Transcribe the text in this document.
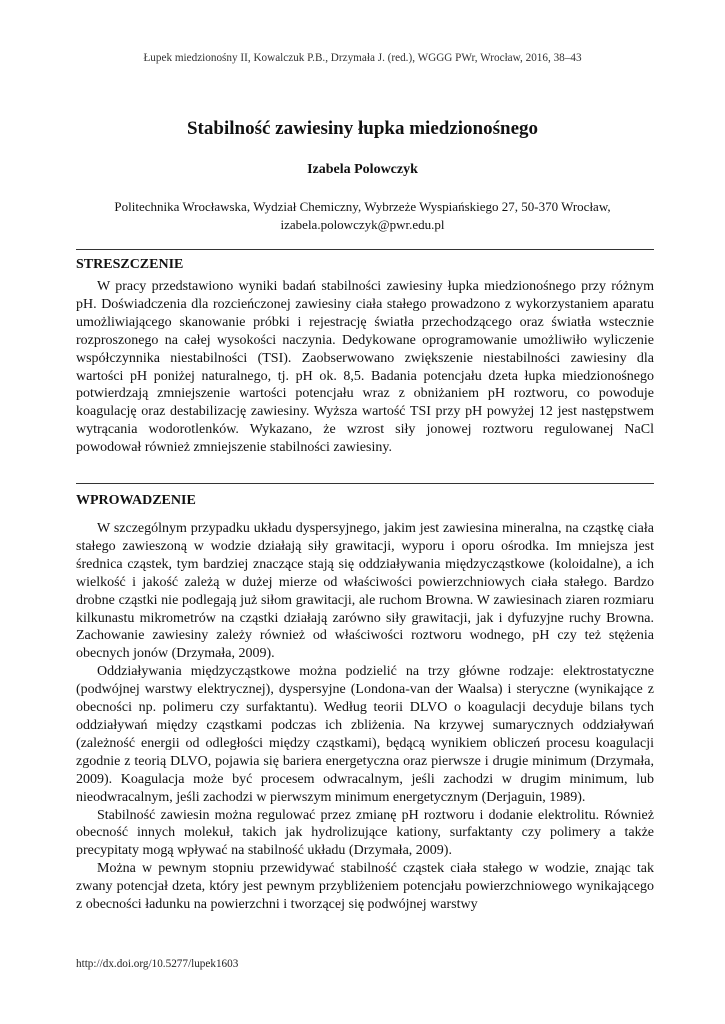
Łupek miedzionośny II, Kowalczuk P.B., Drzymała J. (red.), WGGG PWr, Wrocław, 2016, 38–43
Stabilność zawiesiny łupka miedzionośnego
Izabela Polowczyk
Politechnika Wrocławska, Wydział Chemiczny, Wybrzeże Wyspiańskiego 27, 50-370 Wrocław,
izabela.polowczyk@pwr.edu.pl
STRESZCZENIE

W pracy przedstawiono wyniki badań stabilności zawiesiny łupka miedzionośnego przy różnym pH. Doświadczenia dla rozcieńczonej zawiesiny ciała stałego prowadzono z wykorzystaniem aparatu umożliwiającego skanowanie próbki i rejestrację światła przechodzącego oraz światła wstecznie rozproszonego na całej wysokości naczynia. Dedykowane oprogramowanie umożliwiło wyliczenie współczynnika niestabilności (TSI). Zaobserwowano zwiększenie niestabilności zawiesiny dla wartości pH poniżej naturalnego, tj. pH ok. 8,5. Badania potencjału dzeta łupka miedzionośnego potwierdzają zmniejszenie wartości potencjału wraz z obniżaniem pH roztworu, co powoduje koagulację oraz destabilizację zawiesiny. Wyższa wartość TSI przy pH powyżej 12 jest następstwem wytrącania wodorotlenków. Wykazano, że wzrost siły jonowej roztworu regulowanej NaCl powodował również zmniejszenie stabilności zawiesiny.

WPROWADZENIE

W szczególnym przypadku układu dyspersyjnego, jakim jest zawiesina mineralna, na cząstkę ciała stałego zawieszoną w wodzie działają siły grawitacji, wyporu i oporu ośrodka. Im mniejsza jest średnica cząstek, tym bardziej znaczące stają się oddziaływania międzycząstkowe (koloidalne), a ich wielkość i jakość zależą w dużej mierze od właściwości powierzchniowych ciała stałego. Bardzo drobne cząstki nie podlegają już siłom grawitacji, ale ruchom Browna. W zawiesinach ziaren rozmiaru kilkunastu mikrometrów na cząstki działają zarówno siły grawitacji, jak i dyfuzyjne ruchy Browna. Zachowanie zawiesiny zależy również od właściwości roztworu wodnego, pH czy też stężenia obecnych jonów (Drzymała, 2009).

Oddziaływania międzycząstkowe można podzielić na trzy główne rodzaje: elektrostatyczne (podwójnej warstwy elektrycznej), dyspersyjne (Londona-van der Waalsa) i steryczne (wynikające z obecności np. polimeru czy surfaktantu). Według teorii DLVO o koagulacji decyduje bilans tych oddziaływań między cząstkami podczas ich zbliżenia. Na krzywej sumarycznych oddziaływań (zależność energii od odległości między cząstkami), będącą wynikiem obliczeń procesu koagulacji zgodnie z teorią DLVO, pojawia się bariera energetyczna oraz pierwsze i drugie minimum (Drzymała, 2009). Koagulacja może być procesem odwracalnym, jeśli zachodzi w drugim minimum, lub nieodwracalnym, jeśli zachodzi w pierwszym minimum energetycznym (Derjaguin, 1989).

Stabilność zawiesin można regulować przez zmianę pH roztworu i dodanie elektrolitu. Również obecność innych molekuł, takich jak hydrolizujące kationy, surfaktanty czy polimery a także precypitaty mogą wpływać na stabilność układu (Drzymała, 2009).

Można w pewnym stopniu przewidywać stabilność cząstek ciała stałego w wodzie, znając tak zwany potencjał dzeta, który jest pewnym przybliżeniem potencjału powierzchniowego wynikającego z obecności ładunku na powierzchni i tworzącej się podwójnej warstwy

http://dx.doi.org/10.5277/lupek1603
